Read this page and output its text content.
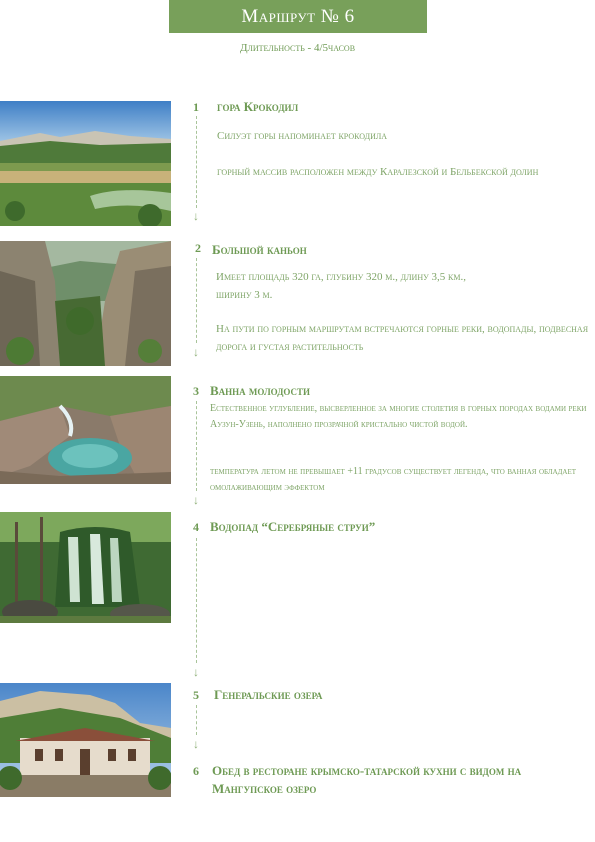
Маршрут № 6
Длительность - 4/5часов
1
↓
гора Крокодил
Силуэт горы напоминает крокодила
горный массив расположен между Каралезской и Бельбекской долин
2
↓
Большой каньон
Имеет площадь 320 га, глубину 320 м., длину 3,5 км., ширину 3 м.
На пути по горным маршрутам встречаются горные реки, водопады, подвесная дорога и густая растительность
3
↓
Ванна молодости
Естественное углубление, высверленное за многие столетия в горных породах водами реки Аузун-Узень, наполнено прозрачной кристально чистой водой.
температура летом не превышает +11 градусов существует легенда, что ванная обладает омолаживающим эффектом
4
↓
Водопад “Серебряные струи”
5
↓
Генеральские озера
6 Обед в ресторане крымско-татарской кухни с видом на Мангупское озеро
